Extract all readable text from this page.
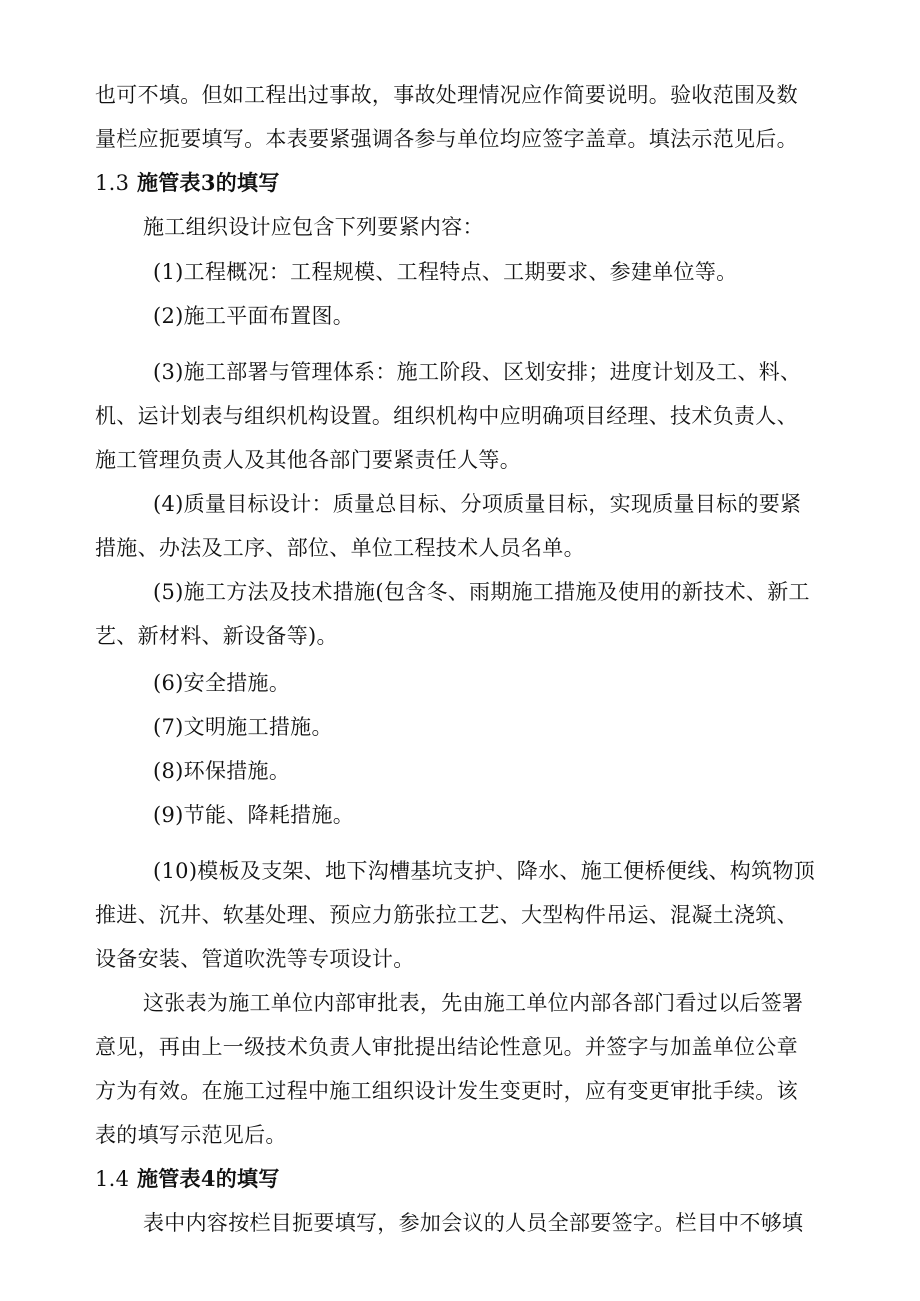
也可不填。但如工程出过事故，事故处理情况应作简要说明。验收范围及数
量栏应扼要填写。本表要紧强调各参与单位均应签字盖章。填法示范见后。
1.3 施管表3的填写
施工组织设计应包含下列要紧内容：
(1)工程概况：工程规模、工程特点、工期要求、参建单位等。
(2)施工平面布置图。
(3)施工部署与管理体系：施工阶段、区划安排；进度计划及工、料、
机、运计划表与组织机构设置。组织机构中应明确项目经理、技术负责人、
施工管理负责人及其他各部门要紧责任人等。
(4)质量目标设计：质量总目标、分项质量目标，实现质量目标的要紧
措施、办法及工序、部位、单位工程技术人员名单。
(5)施工方法及技术措施(包含冬、雨期施工措施及使用的新技术、新工
艺、新材料、新设备等)。
(6)安全措施。
(7)文明施工措施。
(8)环保措施。
(9)节能、降耗措施。
(10)模板及支架、地下沟槽基坑支护、降水、施工便桥便线、构筑物顶
推进、沉井、软基处理、预应力筋张拉工艺、大型构件吊运、混凝土浇筑、
设备安装、管道吹洗等专项设计。
这张表为施工单位内部审批表，先由施工单位内部各部门看过以后签署
意见，再由上一级技术负责人审批提出结论性意见。并签字与加盖单位公章
方为有效。在施工过程中施工组织设计发生变更时，应有变更审批手续。该
表的填写示范见后。
1.4 施管表4的填写
表中内容按栏目扼要填写，参加会议的人员全部要签字。栏目中不够填
